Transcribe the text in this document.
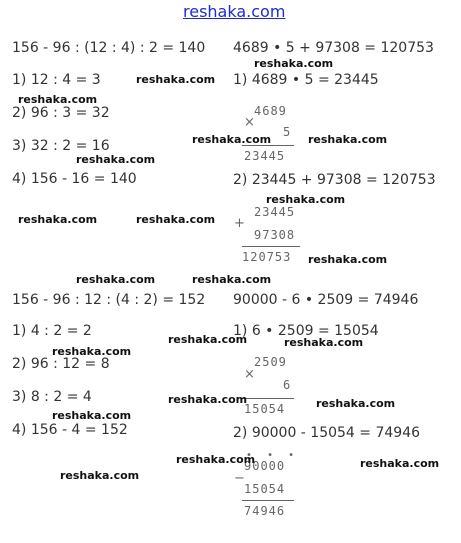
reshaka.com
156 - 96 : (12 : 4) : 2 = 140
1) 12 : 4 = 3
2) 96 : 3 = 32
3) 32 : 2 = 16
4) 156 - 16 = 140
4689 • 5 + 97308 = 120753
1) 4689 • 5 = 23445
4689
×
5
23445
2) 23445 + 97308 = 120753
23445
+
97308
120753
156 - 96 : 12 : (4 : 2) = 152
1) 4 : 2 = 2
2) 96 : 12 = 8
3) 8 : 2 = 4
4) 156 - 4 = 152
90000 - 6 • 2509 = 74946
1) 6 • 2509 = 15054
2509
×
6
15054
2) 90000 - 15054 = 74946
• • •
90000
−
15054
74946
reshaka.com
reshaka.com
reshaka.com
reshaka.com	reshaka.com
reshaka.com
reshaka.com
reshaka.com	reshaka.com
reshaka.com
reshaka.com	reshaka.com
reshaka.com	reshaka.com
reshaka.com
reshaka.com	reshaka.com
reshaka.com
reshaka.com	reshaka.com
reshaka.com
